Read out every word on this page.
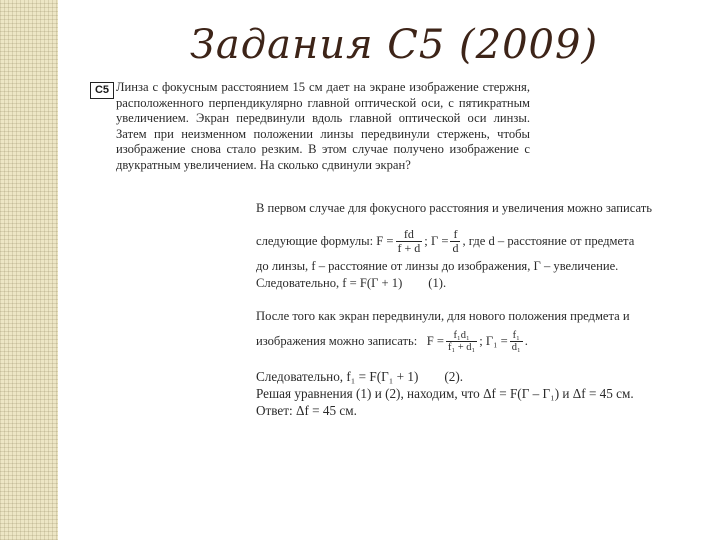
Задания С5 (2009)
С5 Линза с фокусным расстоянием 15 см дает на экране изображение стержня, расположенного перпендикулярно главной оптической оси, с пятикратным увеличением. Экран передвинули вдоль главной оптической оси линзы. Затем при неизменном положении линзы передвинули стержень, чтобы изображение снова стало резким. В этом случае получено изображение с двукратным увеличением. На сколько сдвинули экран?

В первом случае для фокусного расстояния и увеличения можно записать

следующие формулы:
$F = \frac{fd}{f + d}$ ; $Г = \frac{f}{d}$ , где d – расстояние от предмета

до линзы, f – расстояние от линзы до изображения, Г – увеличение.

Следовательно, f = F(Г + 1) (1).

После того как экран передвинули, для нового положения предмета и

изображения можно записать:
$F = \frac{\text{f₁d₁}}{\text{f₁ + d₁}}$ ; $Г_1 = \frac{\text{f₁}}{\text{d₁}}$ .

Следовательно, f₁ = F(Г₁ + 1) (2).

Решая уравнения (1) и (2), находим, что Δf = F(Г – Г₁) и Δf = 45 см.

Ответ: Δf = 45 см.
